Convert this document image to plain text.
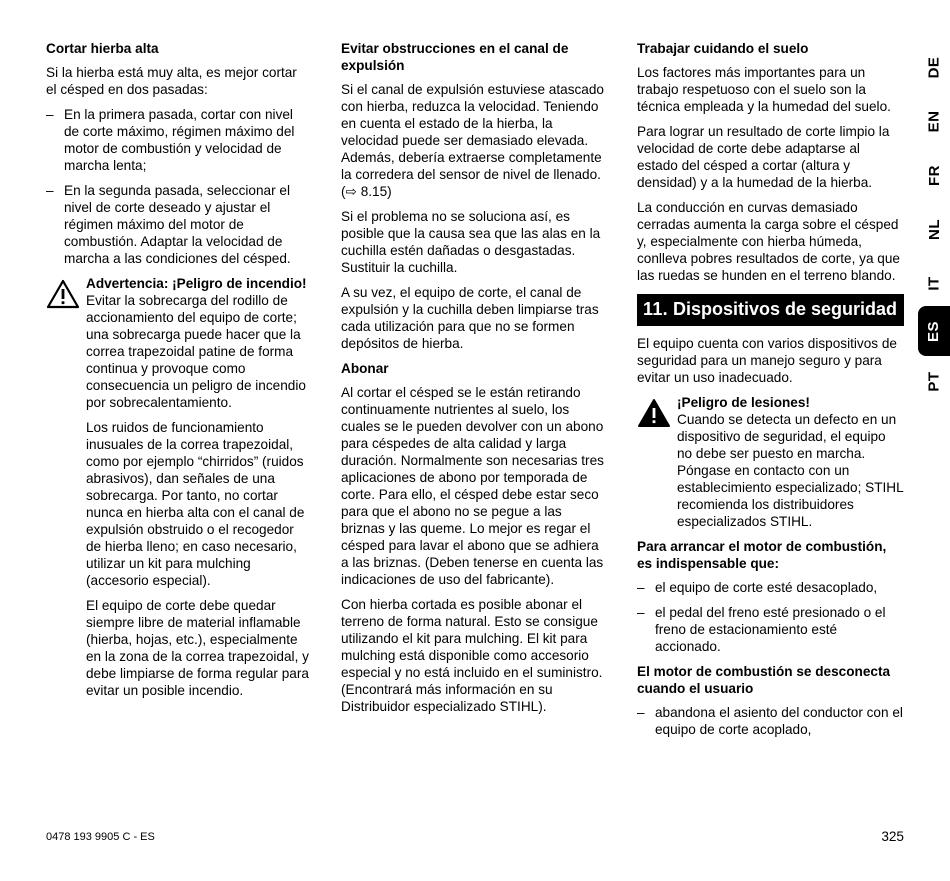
Cortar hierba alta

Si la hierba está muy alta, es mejor cortar el césped en dos pasadas:

– En la primera pasada, cortar con nivel de corte máximo, régimen máximo del motor de combustión y velocidad de marcha lenta;
– En la segunda pasada, seleccionar el nivel de corte deseado y ajustar el régimen máximo del motor de combustión. Adaptar la velocidad de marcha a las condiciones del césped.
Advertencia: ¡Peligro de incendio!

Evitar la sobrecarga del rodillo de accionamiento del equipo de corte; una sobrecarga puede hacer que la correa trapezoidal patine de forma continua y provoque como consecuencia un peligro de incendio por sobrecalentamiento.

Los ruidos de funcionamiento inusuales de la correa trapezoidal, como por ejemplo “chirridos” (ruidos abrasivos), dan señales de una sobrecarga. Por tanto, no cortar nunca en hierba alta con el canal de expulsión obstruido o el recogedor de hierba lleno; en caso necesario, utilizar un kit para mulching (accesorio especial).

El equipo de corte debe quedar siempre libre de material inflamable (hierba, hojas, etc.), especialmente en la zona de la correa trapezoidal, y debe limpiarse de forma regular para evitar un posible incendio.

Evitar obstrucciones en el canal de expulsión

Si el canal de expulsión estuviese atascado con hierba, reduzca la velocidad. Teniendo en cuenta el estado de la hierba, la velocidad puede ser demasiado elevada. Además, debería extraerse completamente la corredera del sensor de nivel de llenado. (⇨ 8.15)

Si el problema no se soluciona así, es posible que la causa sea que las alas en la cuchilla estén dañadas o desgastadas. Sustituir la cuchilla.

A su vez, el equipo de corte, el canal de expulsión y la cuchilla deben limpiarse tras cada utilización para que no se formen depósitos de hierba.

Abonar

Al cortar el césped se le están retirando continuamente nutrientes al suelo, los cuales se le pueden devolver con un abono para céspedes de alta calidad y larga duración. Normalmente son necesarias tres aplicaciones de abono por temporada de corte. Para ello, el césped debe estar seco para que el abono no se pegue a las briznas y las queme. Lo mejor es regar el césped para lavar el abono que se adhiera a las briznas. (Deben tenerse en cuenta las indicaciones de uso del fabricante).

Con hierba cortada es posible abonar el terreno de forma natural. Esto se consigue utilizando el kit para mulching. El kit para mulching está disponible como accesorio especial y no está incluido en el suministro. (Encontrará más información en su Distribuidor especializado STIHL).

Trabajar cuidando el suelo

Los factores más importantes para un trabajo respetuoso con el suelo son la técnica empleada y la humedad del suelo.

Para lograr un resultado de corte limpio la velocidad de corte debe adaptarse al estado del césped a cortar (altura y densidad) y a la humedad de la hierba.

La conducción en curvas demasiado cerradas aumenta la carga sobre el césped y, especialmente con hierba húmeda, conlleva pobres resultados de corte, ya que las ruedas se hunden en el terreno blando.

11. Dispositivos de seguridad

El equipo cuenta con varios dispositivos de seguridad para un manejo seguro y para evitar un uso inadecuado.

¡Peligro de lesiones!

Cuando se detecta un defecto en un dispositivo de seguridad, el equipo no debe ser puesto en marcha. Póngase en contacto con un establecimiento especializado; STIHL recomienda los distribuidores especializados STIHL.

Para arrancar el motor de combustión, es indispensable que:
– el equipo de corte esté desacoplado,
– el pedal del freno esté presionado o el freno de estacionamiento esté accionado.
El motor de combustión se desconecta cuando el usuario
– abandona el asiento del conductor con el equipo de corte acoplado,
DE
EN
FR
NL
IT
ES
PT
0478 193 9905 C - ES	325
